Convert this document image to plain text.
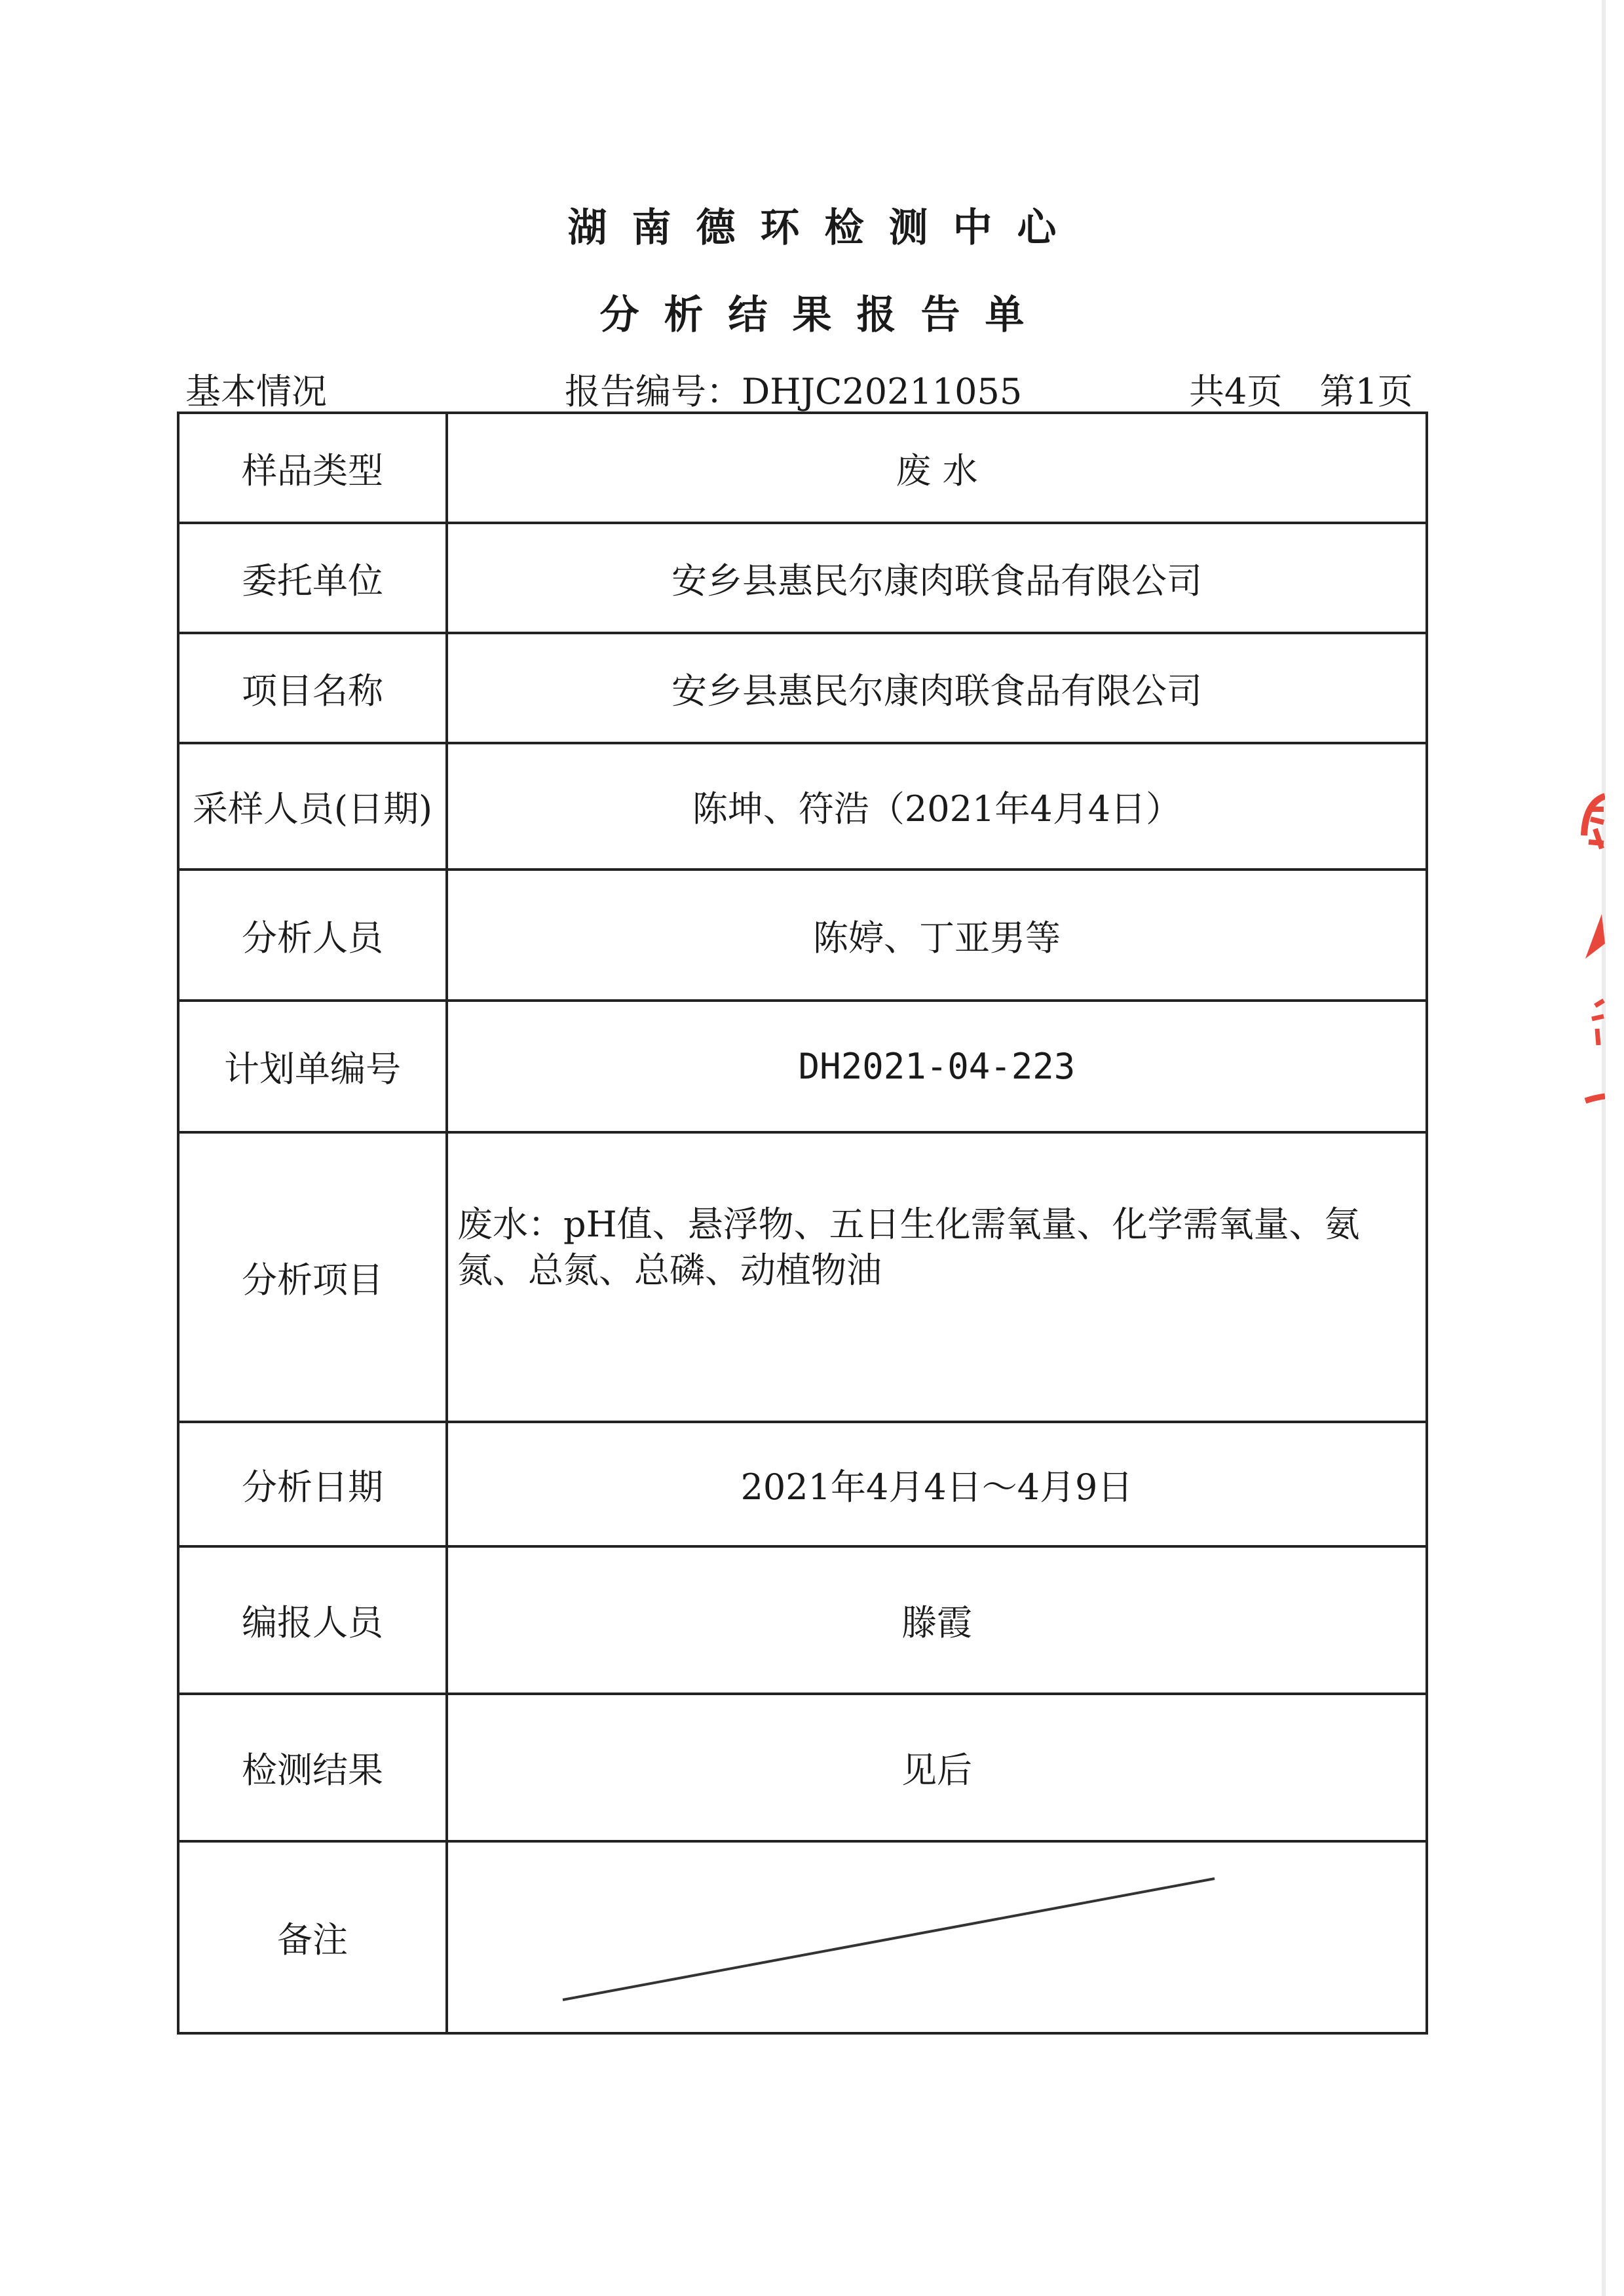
湖南德环检测中心
分析结果报告单
基本情况	报告编号：DHJC20211055	共4页 第1页
样品类型	废 水
委托单位	安乡县惠民尔康肉联食品有限公司
项目名称	安乡县惠民尔康肉联食品有限公司
采样人员(日期)	陈坤、符浩（2021年4月4日）
分析人员	陈婷、丁亚男等
计划单编号	DH2021-04-223
分析项目	废水：pH值、悬浮物、五日生化需氧量、化学需氧量、氨氮、总氮、总磷、动植物油
分析日期	2021年4月4日～4月9日
编报人员	滕霞
检测结果	见后
备注	
